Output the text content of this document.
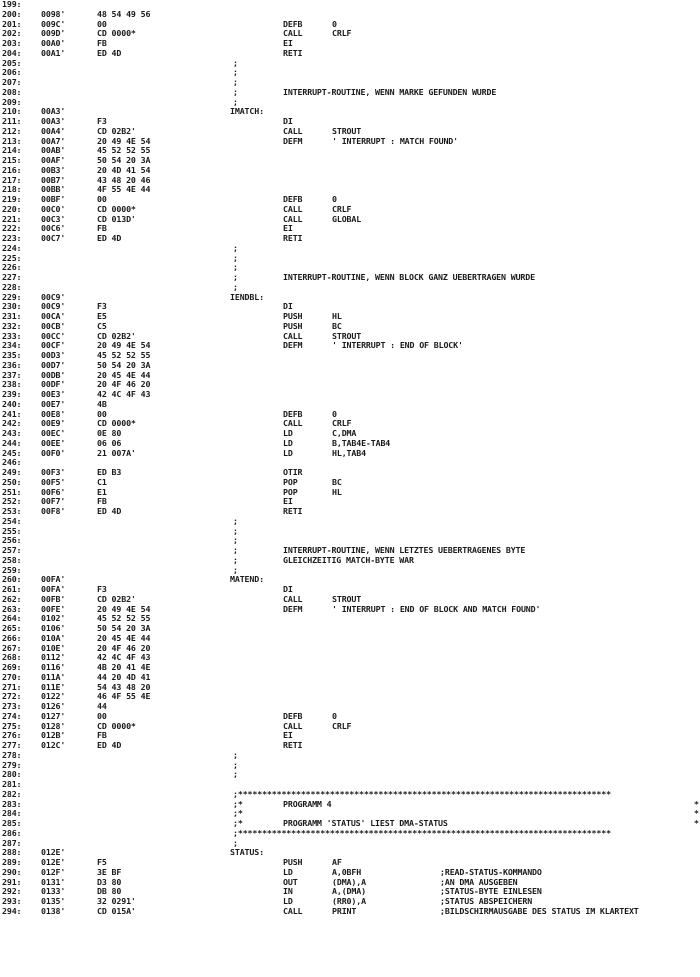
199:
200: 0098'	48 54 49 56
201: 009C'	00	DEFB	0
202: 009D'	CD 0000*	CALL	CRLF
203: 00A0'	FB	EI
204: 00A1'	ED 4D	RETI
205:	;
206:	;
207:	;
208:	;	INTERRUPT-ROUTINE, WENN MARKE GEFUNDEN WURDE
209:	;
210: 00A3'	IMATCH:
211: 00A3'	F3	DI
212: 00A4'	CD 02B2'	CALL	STROUT
213: 00A7'	20 49 4E 54	DEFM	' INTERRUPT : MATCH FOUND'
214: 00AB'	45 52 52 55
215: 00AF'	50 54 20 3A
216: 00B3'	20 4D 41 54
217: 00B7'	43 48 20 46
218: 00BB'	4F 55 4E 44
219: 00BF'	00	DEFB	0
220: 00C0'	CD 0000*	CALL	CRLF
221: 00C3'	CD 013D'	CALL	GLOBAL
222: 00C6'	FB	EI
223: 00C7'	ED 4D	RETI
224:	;
225:	;
226:	;
227:	;	INTERRUPT-ROUTINE, WENN BLOCK GANZ UEBERTRAGEN WURDE
228:	;
229: 00C9'	IENDBL:
230: 00C9'	F3	DI
231: 00CA'	E5	PUSH	HL
232: 00CB'	C5	PUSH	BC
233: 00CC'	CD 02B2'	CALL	STROUT
234: 00CF'	20 49 4E 54	DEFM	' INTERRUPT : END OF BLOCK'
235: 00D3'	45 52 52 55
236: 00D7'	50 54 20 3A
237: 00DB'	20 45 4E 44
238: 00DF'	20 4F 46 20
239: 00E3'	42 4C 4F 43
240: 00E7'	4B
241: 00E8'	00	DEFB	0
242: 00E9'	CD 0000*	CALL	CRLF
243: 00EC'	0E 80	LD	C,DMA
244: 00EE'	06 06	LD	B,TAB4E-TAB4
245: 00F0'	21 007A'	LD	HL,TAB4
246:
249: 00F3'	ED B3	OTIR
250: 00F5'	C1	POP	BC
251: 00F6'	E1	POP	HL
252: 00F7'	FB	EI
253: 00F8'	ED 4D	RETI
254:	;
255:	;
256:	;
257:	;	INTERRUPT-ROUTINE, WENN LETZTES UEBERTRAGENES BYTE
258:	;	GLEICHZEITIG MATCH-BYTE WAR
259:	;
260: 00FA'	MATEND:
261: 00FA'	F3	DI
262: 00FB'	CD 02B2'	CALL	STROUT
263: 00FE'	20 49 4E 54	DEFM	' INTERRUPT : END OF BLOCK AND MATCH FOUND'
264: 0102'	45 52 52 55
265: 0106'	50 54 20 3A
266: 010A'	20 45 4E 44
267: 010E'	20 4F 46 20
268: 0112'	42 4C 4F 43
269: 0116'	4B 20 41 4E
270: 011A'	44 20 4D 41
271: 011E'	54 43 48 20
272: 0122'	46 4F 55 4E
273: 0126'	44
274: 0127'	00	DEFB	0
275: 0128'	CD 0000*	CALL	CRLF
276: 012B'	FB	EI
277: 012C'	ED 4D	RETI
278:	;
279:	;
280:	;
281:
282:	;*****************************************************************************
283:	;*	PROGRAMM 4	*
284:	;*	*
285:	;*	PROGRAMM 'STATUS' LIEST DMA-STATUS	*
286:	;*****************************************************************************
287:	;
288: 012E'	STATUS:
289: 012E'	F5	PUSH	AF
290: 012F'	3E BF	LD	A,0BFH	;READ-STATUS-KOMMANDO
291: 0131'	D3 80	OUT	(DMA),A	;AN DMA AUSGEBEN
292: 0133'	DB 80	IN	A,(DMA)	;STATUS-BYTE EINLESEN
293: 0135'	32 0291'	LD	(RR0),A	;STATUS ABSPEICHERN
294: 0138'	CD 015A'	CALL	PRINT	;BILDSCHIRMAUSGABE DES STATUS IM KLARTEXT
